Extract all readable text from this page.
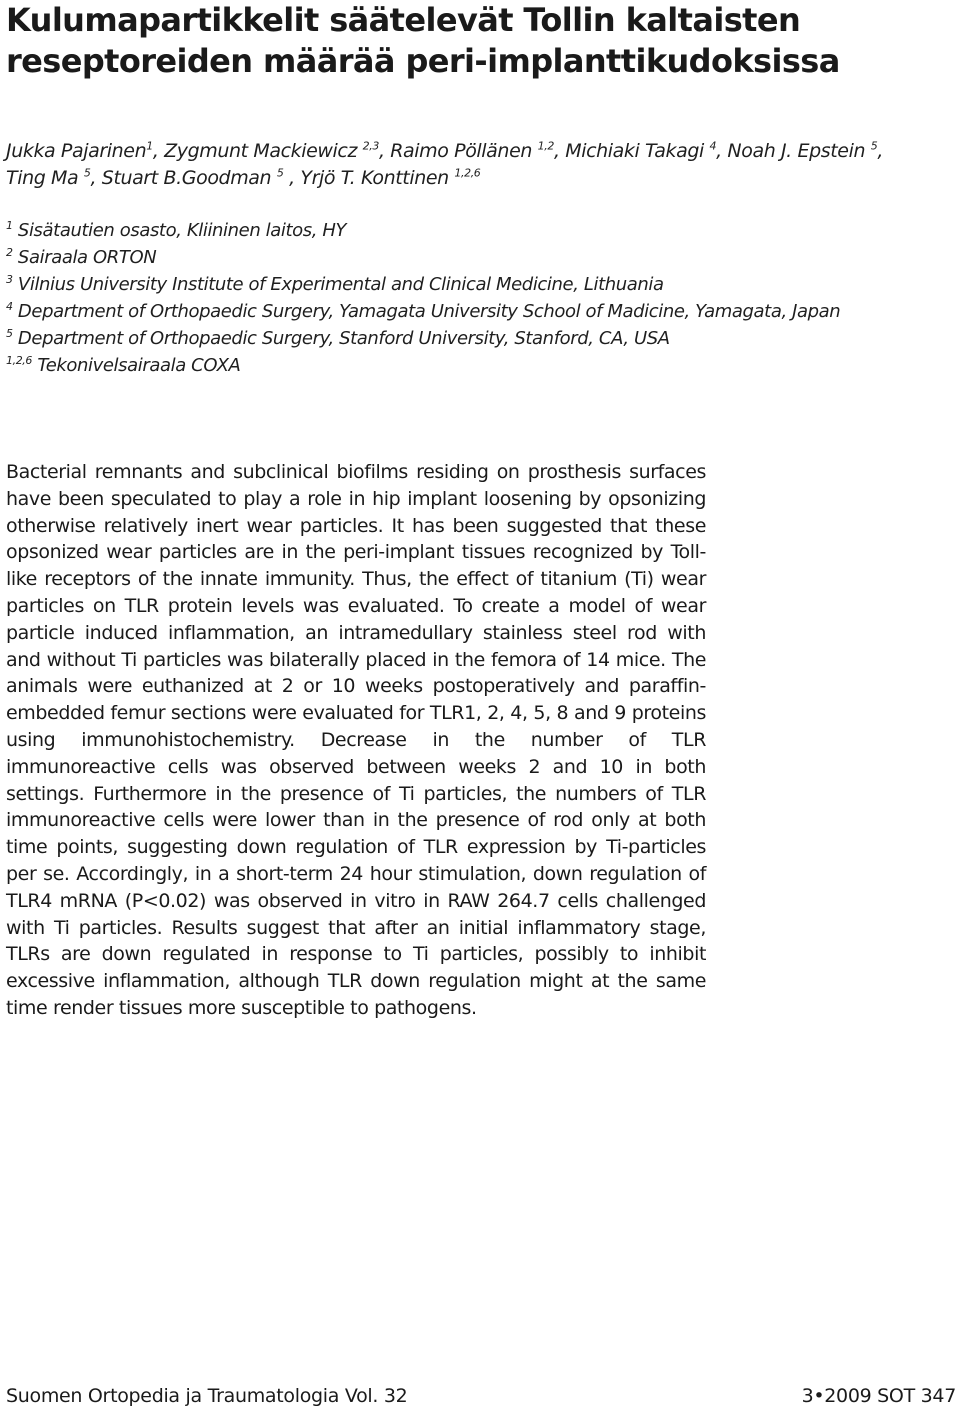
Kulumapartikkelit säätelevät Tollin kaltaisten reseptoreiden määrää peri-implanttikudoksissa
Jukka Pajarinen$^1$, Zygmunt Mackiewicz $^{2,3}$, Raimo Pöllänen $^{1,2}$, Michiaki Takagi $^4$, Noah J. Epstein $^5$, Ting Ma $^5$, Stuart B.Goodman $^5$ , Yrjö T. Konttinen $^{1,2,6}$
$^1$ Sisätautien osasto, Kliininen laitos, HY
$^2$ Sairaala ORTON
$^3$ Vilnius University Institute of Experimental and Clinical Medicine, Lithuania
$^4$ Department of Orthopaedic Surgery, Yamagata University School of Madicine, Yamagata, Japan
$^5$ Department of Orthopaedic Surgery, Stanford University, Stanford, CA, USA
$^{1,2,6}$ Tekonivelsairaala COXA

Bacterial remnants and subclinical biofilms residing on prosthesis surfaces have been speculated to play a role in hip implant loosening by opsonizing otherwise relatively inert wear particles. It has been suggested that these opsonized wear particles are in the peri-implant tissues recognized by Toll-like receptors of the innate immunity. Thus, the effect of titanium (Ti) wear particles on TLR protein levels was evaluated. To create a model of wear particle induced inflammation, an intramedullary stainless steel rod with and without Ti particles was bilaterally placed in the femora of 14 mice. The animals were euthanized at 2 or 10 weeks postoperatively and paraffin-embedded femur sections were evaluated for TLR1, 2, 4, 5, 8 and 9 proteins using immunohistochemistry. Decrease in the number of TLR immunoreactive cells was observed between weeks 2 and 10 in both settings. Furthermore in the presence of Ti particles, the numbers of TLR immunoreactive cells were lower than in the presence of rod only at both time points, suggesting down regulation of TLR expression by Ti-particles per se. Accordingly, in a short-term 24 hour stimulation, down regulation of TLR4 mRNA (P<0.02) was observed in vitro in RAW 264.7 cells challenged with Ti particles. Results suggest that after an initial inflammatory stage, TLRs are down regulated in response to Ti particles, possibly to inhibit excessive inflammation, although TLR down regulation might at the same time render tissues more susceptible to pathogens.

Suomen Ortopedia ja Traumatologia Vol. 32	3•2009 SOT 347
